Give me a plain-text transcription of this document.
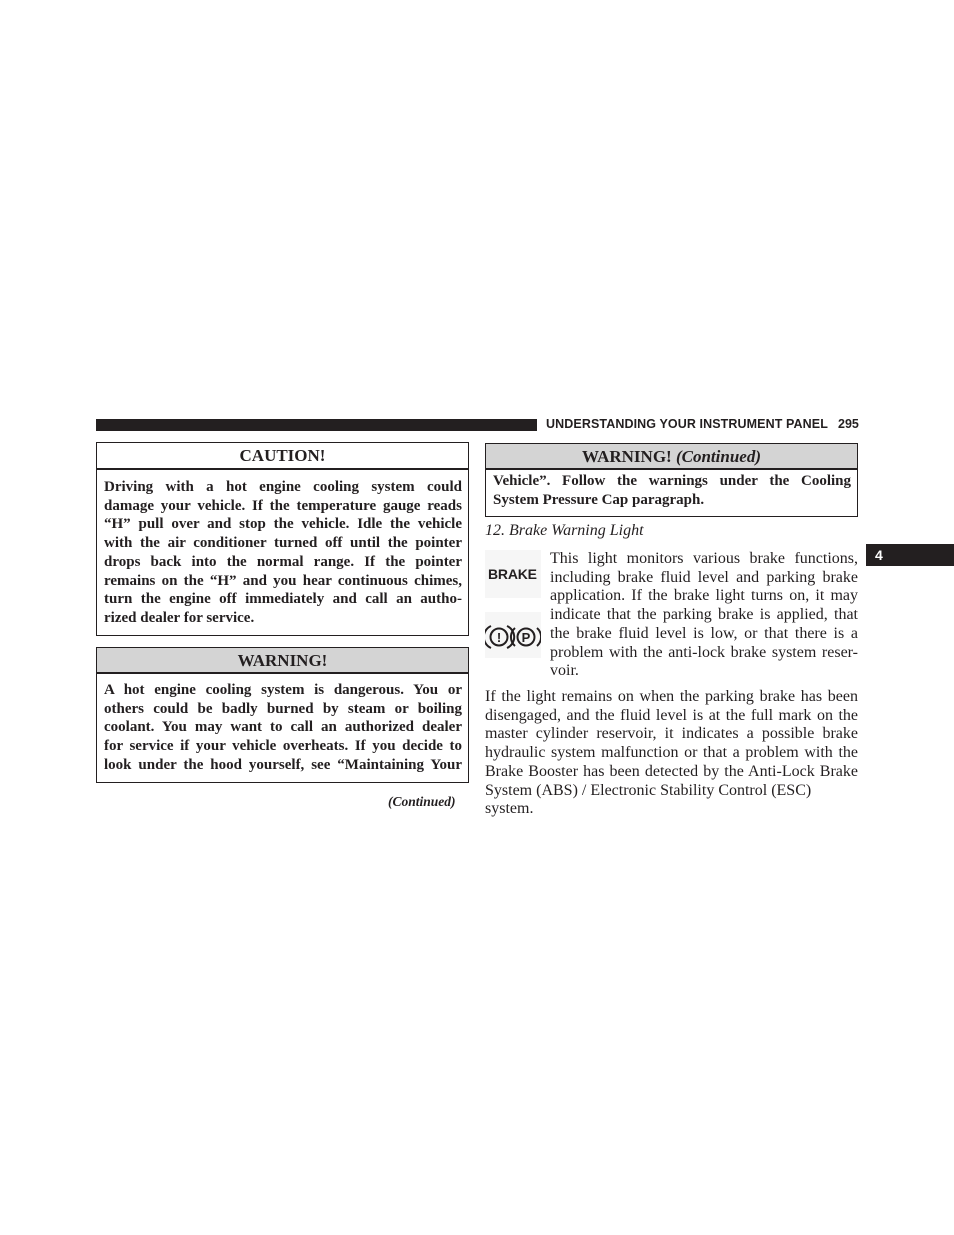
UNDERSTANDING YOUR INSTRUMENT PANEL 295
4
CAUTION!

Driving with a hot engine cooling system could

damage your vehicle. If the temperature gauge reads

“H” pull over and stop the vehicle. Idle the vehicle

with the air conditioner turned off until the pointer

drops back into the normal range. If the pointer

remains on the “H” and you hear continuous chimes,

turn the engine off immediately and call an autho-

rized dealer for service.

WARNING!

A hot engine cooling system is dangerous. You or

others could be badly burned by steam or boiling

coolant. You may want to call an authorized dealer

for service if your vehicle overheats. If you decide to

look under the hood yourself, see “Maintaining Your

(Continued)
WARNING! (Continued)

Vehicle”. Follow the warnings under the Cooling

System Pressure Cap paragraph.

12. Brake Warning Light
BRAKE
! P
This light monitors various brake functions,
including brake fluid level and parking brake
application. If the brake light turns on, it may
indicate that the parking brake is applied, that
the brake fluid level is low, or that there is a
problem with the anti-lock brake system reser-
voir.
If the light remains on when the parking brake has been
disengaged, and the fluid level is at the full mark on the
master cylinder reservoir, it indicates a possible brake
hydraulic system malfunction or that a problem with the
Brake Booster has been detected by the Anti-Lock Brake
System (ABS) / Electronic Stability Control (ESC) system.
